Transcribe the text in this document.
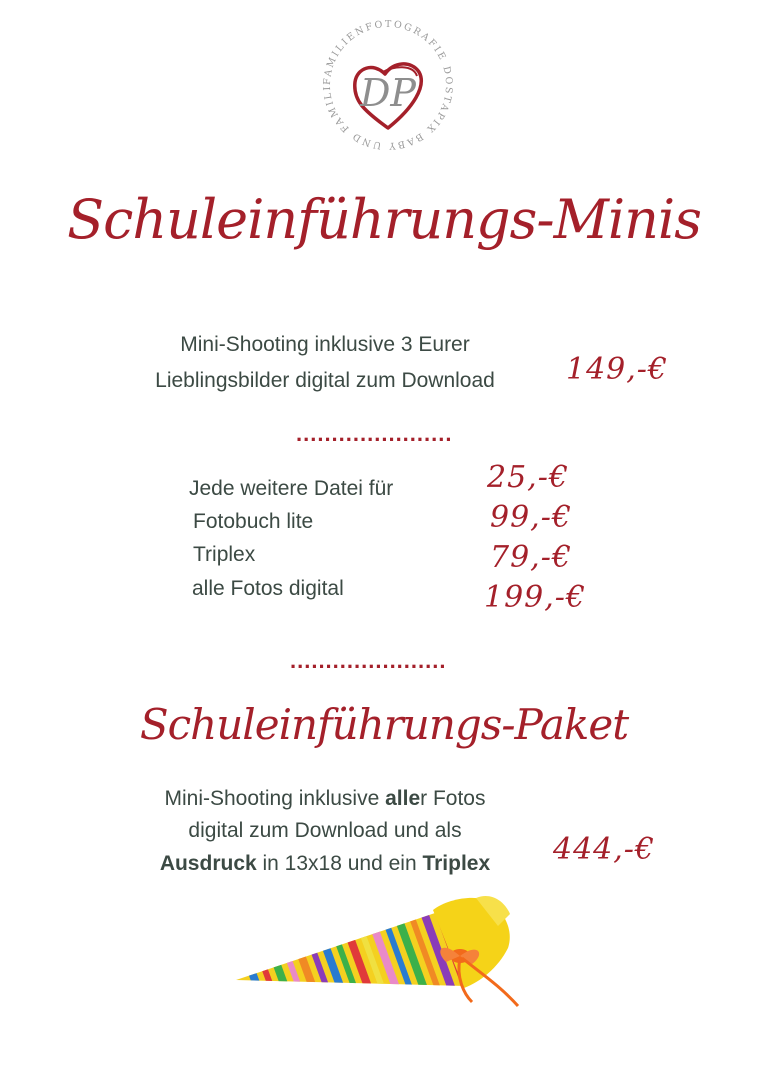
FAMILIENFOTOGRAFIE DOSTAPIX BABY UND FAMILI DP
Schuleinführungs-Minis
Mini-Shooting inklusive 3 Eurer
Lieblingsbilder digital zum Download	149,-€
......................
Jede weitere Datei für	25,-€
Fotobuch lite	99,-€
Triplex	79,-€
alle Fotos digital	199,-€
......................
Schuleinführungs-Paket
Mini-Shooting inklusive aller Fotos
digital zum Download und als
Ausdruck in 13x18 und ein Triplex	444,-€
